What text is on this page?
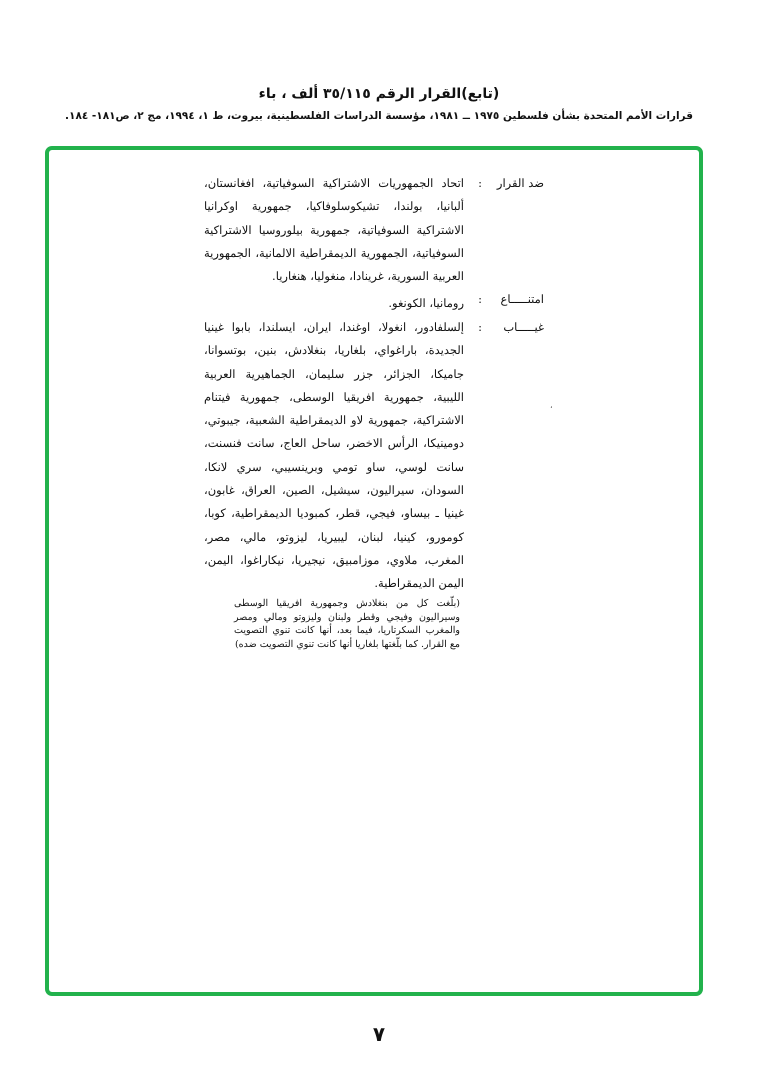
(تابع)القرار الرقم ٣٥/١١٥ ألف ، باء
قرارات الأمم المتحدة بشأن فلسطين ١٩٧٥ ــ ١٩٨١، مؤسسة الدراسات الفلسطينية، بيروت، ط ١، ١٩٩٤، مج ٢، ص١٨١- ١٨٤.
ضد القرار
:
اتحاد الجمهوريات الاشتراكية السوفياتية، افغانستان، ألبانيا، بولندا، تشيكوسلوفاكيا، جمهورية اوكرانيا الاشتراكية السوفياتية، جمهورية بيلوروسيا الاشتراكية السوفياتية، الجمهورية الديمقراطية الالمانية، الجمهورية العربية السورية، غرينادا، منغوليا، هنغاريا.
امتنـــــاع
:
رومانيا، الكونغو.
غيـــــاب
:
إلسلفادور، انغولا، اوغندا، ايران، ايسلندا، بابوا غينيا الجديدة، باراغواي، بلغاريا، بنغلادش، بنين، بوتسوانا، جاميكا، الجزائر، جزر سليمان، الجماهيرية العربية الليبية، جمهورية افريقيا الوسطى، جمهورية فيتنام الاشتراكية، جمهورية لاو الديمقراطية الشعبية، جيبوتي، دومينيكا، الرأس الاخضر، ساحل العاج، سانت فنسنت، سانت لوسي، ساو تومي وبرينسيبي، سري لانكا، السودان، سيراليون، سيشيل، الصين، العراق، غابون، غينيا ـ بيساو، فيجي، قطر، كمبوديا الديمقراطية، كوبا، كومورو، كينيا، لبنان، ليبيريا، ليزوتو، مالي، مصر، المغرب، ملاوي، موزامبيق، نيجيريا، نيكاراغوا، اليمن، اليمن الديمقراطية.
(بلّغت كل من بنغلادش وجمهورية افريقيا الوسطى وسيراليون وفيجي وقطر ولبنان وليزوتو ومالي ومصر والمغرب السكرتاريا، فيما بعد، أنها كانت تنوي التصويت مع القرار. كما بلّغتها بلغاريا أنها كانت تنوي التصويت ضده)
،
٧
